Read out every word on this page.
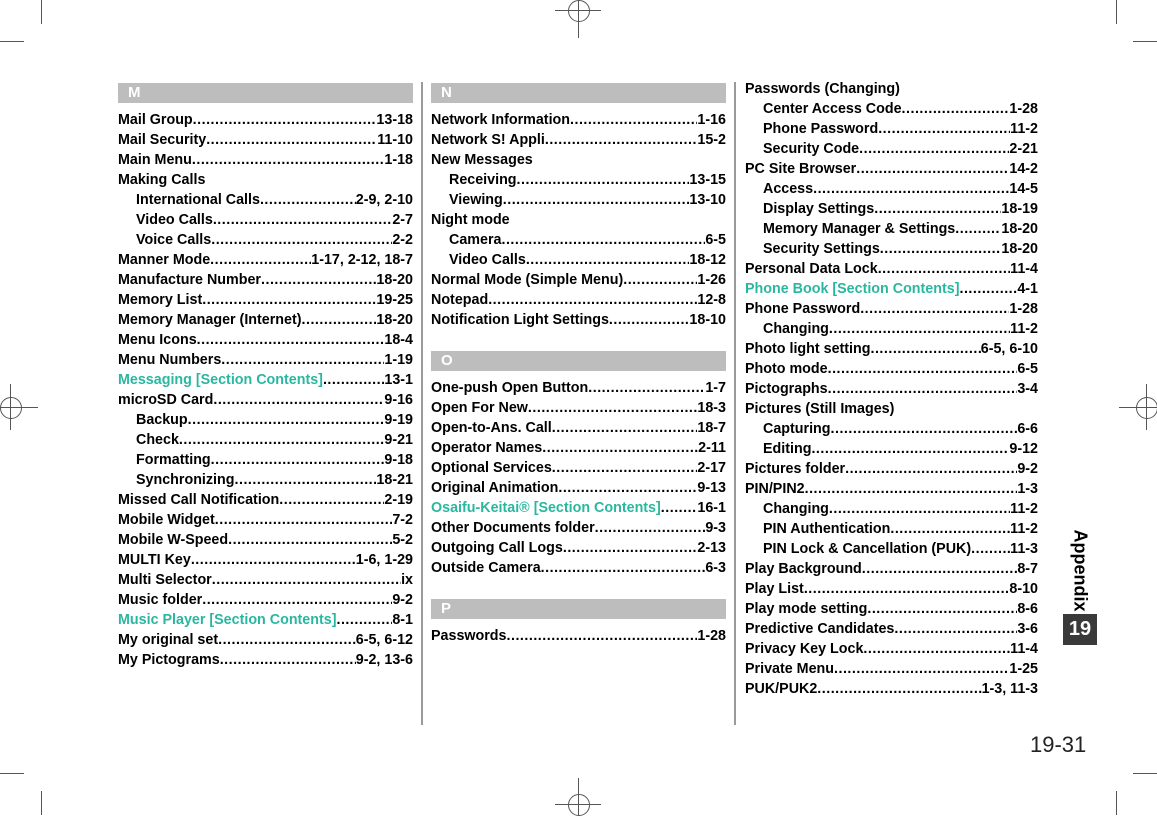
M
Mail Group .....	13-18
Mail Security .....	11-10
Main Menu .....	1-18
Making Calls
International Calls .....	2-9, 2-10
Video Calls .....	2-7
Voice Calls .....	2-2
Manner Mode .....	1-17, 2-12, 18-7
Manufacture Number .....	18-20
Memory List .....	19-25
Memory Manager (Internet) .....	18-20
Menu Icons .....	18-4
Menu Numbers .....	1-19
Messaging [Section Contents] .....	13-1
microSD Card .....	9-16
Backup .....	9-19
Check .....	9-21
Formatting .....	9-18
Synchronizing .....	18-21
Missed Call Notification .....	2-19
Mobile Widget .....	7-2
Mobile W-Speed .....	5-2
MULTI Key .....	1-6, 1-29
Multi Selector .....	ix
Music folder .....	9-2
Music Player [Section Contents] .....	8-1
My original set .....	6-5, 6-12
My Pictograms .....	9-2, 13-6
N
Network Information .....	1-16
Network S! Appli .....	15-2
New Messages
Receiving .....	13-15
Viewing .....	13-10
Night mode
Camera .....	6-5
Video Calls .....	18-12
Normal Mode (Simple Menu) .....	1-26
Notepad .....	12-8
Notification Light Settings .....	18-10
O
One-push Open Button .....	1-7
Open For New .....	18-3
Open-to-Ans. Call .....	18-7
Operator Names .....	2-11
Optional Services .....	2-17
Original Animation .....	9-13
Osaifu-Keitai® [Section Contents] .....	16-1
Other Documents folder .....	9-3
Outgoing Call Logs .....	2-13
Outside Camera .....	6-3
P
Passwords .....	1-28
Passwords (Changing)
Center Access Code .....	1-28
Phone Password .....	11-2
Security Code .....	2-21
PC Site Browser .....	14-2
Access .....	14-5
Display Settings .....	18-19
Memory Manager & Settings .....	18-20
Security Settings .....	18-20
Personal Data Lock .....	11-4
Phone Book [Section Contents] .....	4-1
Phone Password .....	1-28
Changing .....	11-2
Photo light setting .....	6-5, 6-10
Photo mode .....	6-5
Pictographs .....	3-4
Pictures (Still Images)
Capturing .....	6-6
Editing .....	9-12
Pictures folder .....	9-2
PIN/PIN2 .....	1-3
Changing .....	11-2
PIN Authentication .....	11-2
PIN Lock & Cancellation (PUK) .....	11-3
Play Background .....	8-7
Play List .....	8-10
Play mode setting .....	8-6
Predictive Candidates .....	3-6
Privacy Key Lock .....	11-4
Private Menu .....	1-25
PUK/PUK2 .....	1-3, 11-3
Appendix
19
19-31
